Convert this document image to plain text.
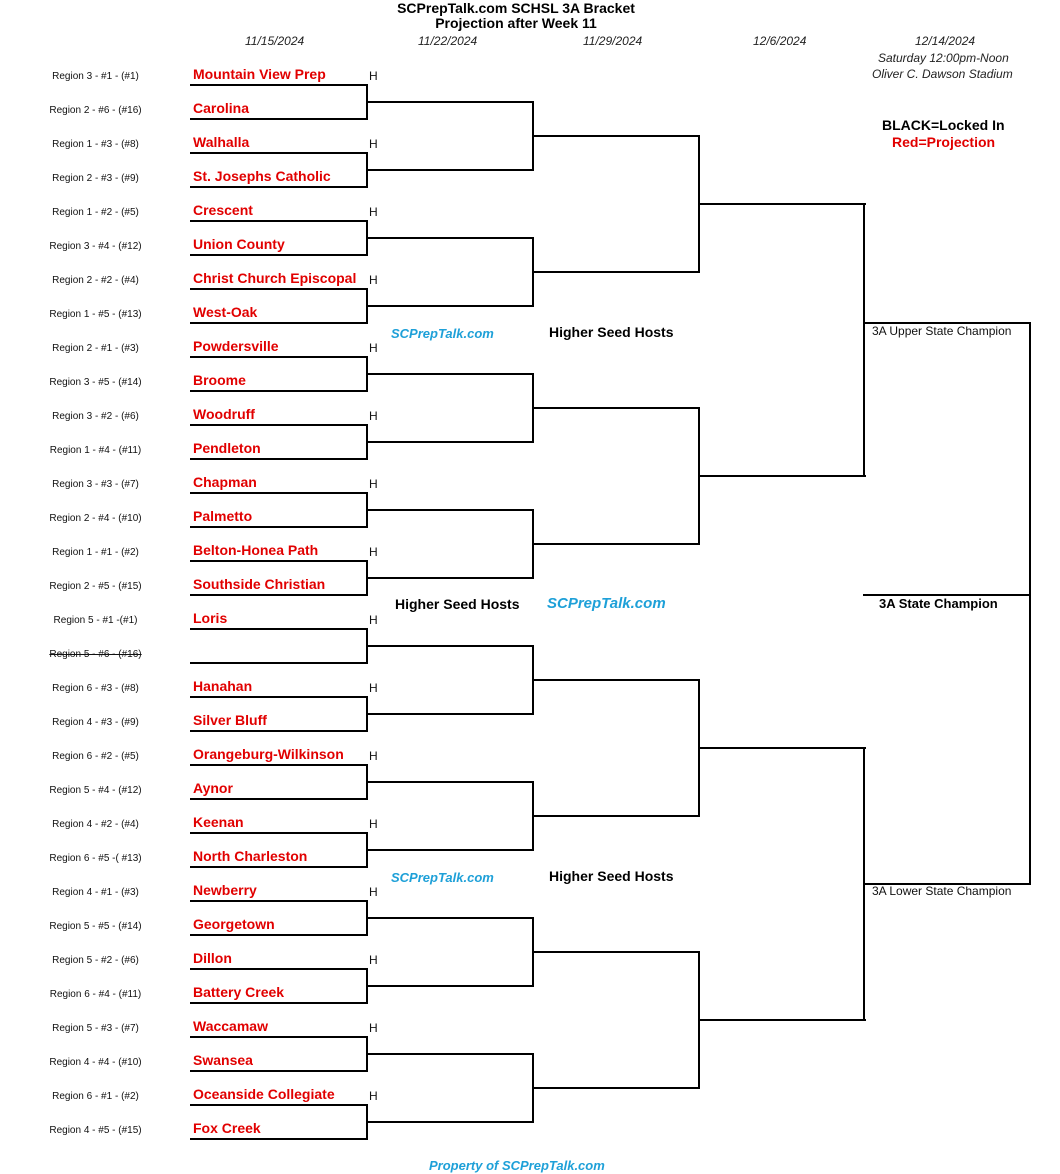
SCPrepTalk.com SCHSL 3A Bracket
Projection after Week 11
11/15/2024	11/22/2024	11/29/2024	12/6/2024	12/14/2024
Saturday 12:00pm-Noon
Oliver C. Dawson Stadium
BLACK=Locked In
Red=Projection
Region 3 - #1 - (#1)	Mountain View Prep	H
Region 2 - #6 - (#16)	Carolina
Region 1 - #3 - (#8)	Walhalla	H
Region 2 - #3 - (#9)	St. Josephs Catholic
Region 1 - #2 - (#5)	Crescent	H
Region 3 - #4 - (#12)	Union County
Region 2 - #2 - (#4)	Christ Church Episcopal H
Region 1 - #5 - (#13)	West-Oak
Region 2 - #1 - (#3)	Powdersville	H
Region 3 - #5 - (#14)	Broome
Region 3 - #2 - (#6)	Woodruff	H
Region 1 - #4 - (#11)	Pendleton
Region 3 - #3 - (#7)	Chapman	H
Region 2 - #4 - (#10)	Palmetto
Region 1 - #1 - (#2)	Belton-Honea Path	H
Region 2 - #5 - (#15)	Southside Christian
Region 5 - #1 -(#1)	Loris	H
Region 5 - #6 - (#16)
Region 6 - #3 - (#8)	Hanahan	H
Region 4 - #3 - (#9)	Silver Bluff
Region 6 - #2 - (#5)	Orangeburg-Wilkinson H
Region 5 - #4 - (#12)	Aynor
Region 4 - #2 - (#4)	Keenan	H
Region 6 - #5 -( #13)	North Charleston
Region 4 - #1 - (#3)	Newberry	H
Region 5 - #5 - (#14)	Georgetown
Region 5 - #2 - (#6)	Dillon	H
Region 6 - #4 - (#11)	Battery Creek
Region 5 - #3 - (#7)	Waccamaw	H
Region 4 - #4 - (#10)	Swansea
Region 6 - #1 - (#2)	Oceanside Collegiate	H
Region 4 - #5 - (#15)	Fox Creek
Higher Seed Hosts
Higher Seed Hosts
Higher Seed Hosts
SCPrepTalk.com
SCPrepTalk.com
SCPrepTalk.com
3A Upper State Champion
3A Lower State Champion
3A State Champion
Property of SCPrepTalk.com
